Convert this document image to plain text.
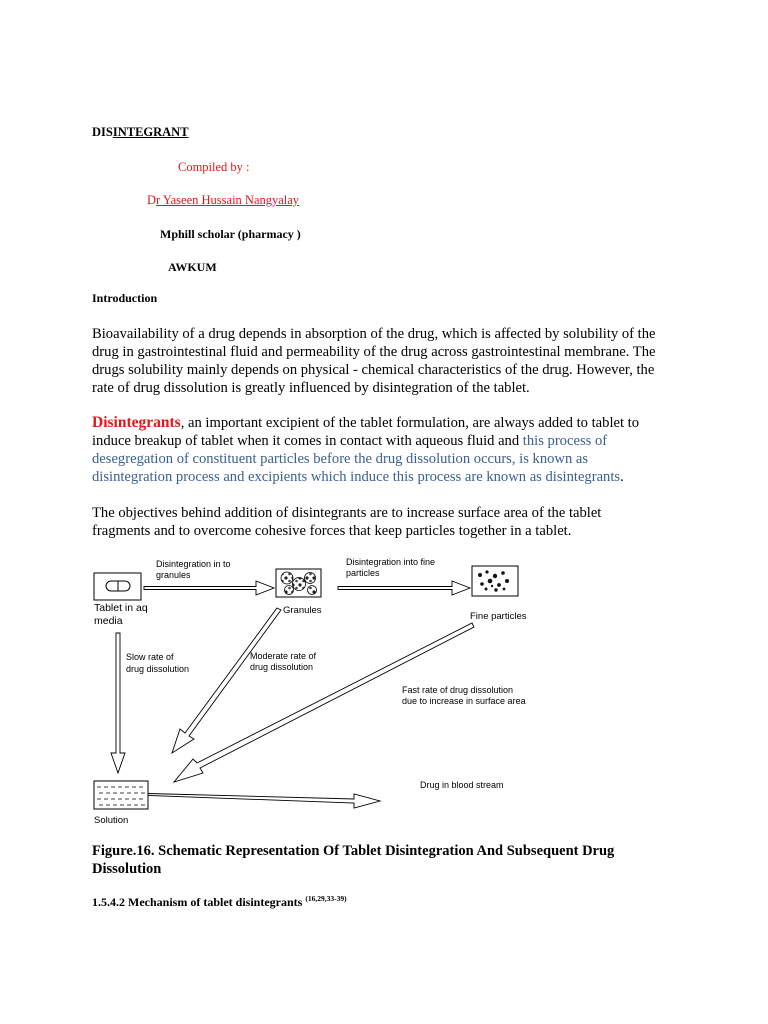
DISINTEGRANT
Compiled by :
Dr Yaseen Hussain Nangyalay
Mphill scholar (pharmacy )
AWKUM
Introduction
Bioavailability of a drug depends in absorption of the drug, which is affected by solubility of the
drug in gastrointestinal fluid and permeability of the drug across gastrointestinal membrane. The
drugs solubility mainly depends on physical - chemical characteristics of the drug. However, the
rate of drug dissolution is greatly influenced by disintegration of the tablet.
Disintegrants, an important excipient of the tablet formulation, are always added to tablet to
induce breakup of tablet when it comes in contact with aqueous fluid and this process of
desegregation of constituent particles before the drug dissolution occurs, is known as
disintegration process and excipients which induce this process are known as disintegrants.
The objectives behind addition of disintegrants are to increase surface area of the tablet
fragments and to overcome cohesive forces that keep particles together in a tablet.
Tablet in aq
media
Granules
Fine particles
Solution
Disintegration in to
granules
Disintegration into fine
particles
Slow rate of
drug dissolution
Moderate rate of
drug dissolution
Fast rate of drug dissolution
due to increase in surface area
Drug in blood stream
Figure.16. Schematic Representation Of Tablet Disintegration And Subsequent Drug
Dissolution
1.5.4.2 Mechanism of tablet disintegrants $^{(16,29,33-39)}$
